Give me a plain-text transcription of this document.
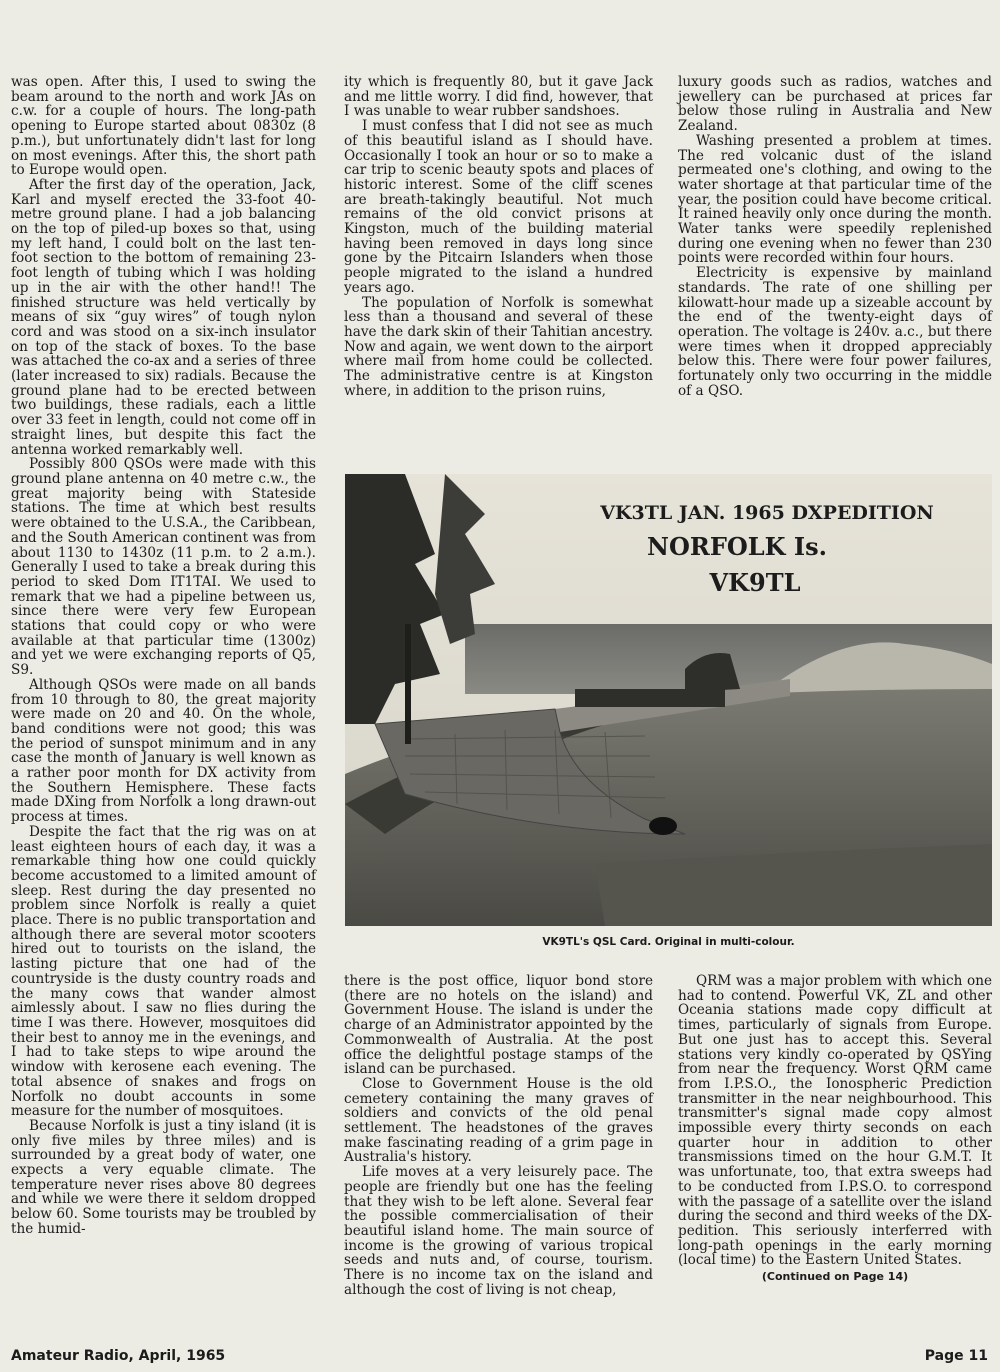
was open. After this, I used to swing the beam around to the north and work JAs on c.w. for a couple of hours. The long-path opening to Europe started about 0830z (8 p.m.), but unfortunately didn't last for long on most evenings. After this, the short path to Europe would open.

After the first day of the operation, Jack, Karl and myself erected the 33-foot 40-metre ground plane. I had a job balancing on the top of piled-up boxes so that, using my left hand, I could bolt on the last ten-foot section to the bottom of remaining 23-foot length of tubing which I was holding up in the air with the other hand!! The finished structure was held vertically by means of six “guy wires” of tough nylon cord and was stood on a six-inch insulator on top of the stack of boxes. To the base was attached the co-ax and a series of three (later increased to six) radials. Because the ground plane had to be erected between two buildings, these radials, each a little over 33 feet in length, could not come off in straight lines, but despite this fact the antenna worked remarkably well.

Possibly 800 QSOs were made with this ground plane antenna on 40 metre c.w., the great majority being with Stateside stations. The time at which best results were obtained to the U.S.A., the Caribbean, and the South American continent was from about 1130 to 1430z (11 p.m. to 2 a.m.). Generally I used to take a break during this period to sked Dom IT1TAI. We used to remark that we had a pipeline between us, since there were very few European stations that could copy or who were available at that particular time (1300z) and yet we were exchanging reports of Q5, S9.

Although QSOs were made on all bands from 10 through to 80, the great majority were made on 20 and 40. On the whole, band conditions were not good; this was the period of sunspot minimum and in any case the month of January is well known as a rather poor month for DX activity from the Southern Hemisphere. These facts made DXing from Norfolk a long drawn-out process at times.

Despite the fact that the rig was on at least eighteen hours of each day, it was a remarkable thing how one could quickly become accustomed to a limited amount of sleep. Rest during the day presented no problem since Norfolk is really a quiet place. There is no public transportation and although there are several motor scooters hired out to tourists on the island, the lasting picture that one had of the countryside is the dusty country roads and the many cows that wander almost aimlessly about. I saw no flies during the time I was there. However, mosquitoes did their best to annoy me in the evenings, and I had to take steps to wipe around the window with kerosene each evening. The total absence of snakes and frogs on Norfolk no doubt accounts in some measure for the number of mosquitoes.

Because Norfolk is just a tiny island (it is only five miles by three miles) and is surrounded by a great body of water, one expects a very equable climate. The temperature never rises above 80 degrees and while we were there it seldom dropped below 60. Some tourists may be troubled by the humid-

ity which is frequently 80, but it gave Jack and me little worry. I did find, however, that I was unable to wear rubber sandshoes.

I must confess that I did not see as much of this beautiful island as I should have. Occasionally I took an hour or so to make a car trip to scenic beauty spots and places of historic interest. Some of the cliff scenes are breath-takingly beautiful. Not much remains of the old convict prisons at Kingston, much of the building material having been removed in days long since gone by the Pitcairn Islanders when those people migrated to the island a hundred years ago.

The population of Norfolk is somewhat less than a thousand and several of these have the dark skin of their Tahitian ancestry. Now and again, we went down to the airport where mail from home could be collected. The administrative centre is at Kingston where, in addition to the prison ruins,

luxury goods such as radios, watches and jewellery can be purchased at prices far below those ruling in Australia and New Zealand.

Washing presented a problem at times. The red volcanic dust of the island permeated one's clothing, and owing to the water shortage at that particular time of the year, the position could have become critical. It rained heavily only once during the month. Water tanks were speedily replenished during one evening when no fewer than 230 points were recorded within four hours.

Electricity is expensive by mainland standards. The rate of one shilling per kilowatt-hour made up a sizeable account by the end of the twenty-eight days of operation. The voltage is 240v. a.c., but there were times when it dropped appreciably below this. There were four power failures, fortunately only two occurring in the middle of a QSO.

VK3TL JAN. 1965 DXPEDITION
NORFOLK Is.
VK9TL
VK9TL's QSL Card. Original in multi-colour.

there is the post office, liquor bond store (there are no hotels on the island) and Government House. The island is under the charge of an Administrator appointed by the Commonwealth of Australia. At the post office the delightful postage stamps of the island can be purchased.

Close to Government House is the old cemetery containing the many graves of soldiers and convicts of the old penal settlement. The headstones of the graves make fascinating reading of a grim page in Australia's history.

Life moves at a very leisurely pace. The people are friendly but one has the feeling that they wish to be left alone. Several fear the possible commercialisation of their beautiful island home. The main source of income is the growing of various tropical seeds and nuts and, of course, tourism. There is no income tax on the island and although the cost of living is not cheap,

QRM was a major problem with which one had to contend. Powerful VK, ZL and other Oceania stations made copy difficult at times, particularly of signals from Europe. But one just has to accept this. Several stations very kindly co-operated by QSYing from near the frequency. Worst QRM came from I.P.S.O., the Ionospheric Prediction transmitter in the near neighbourhood. This transmitter's signal made copy almost impossible every thirty seconds on each quarter hour in addition to other transmissions timed on the hour G.M.T. It was unfortunate, too, that extra sweeps had to be conducted from I.P.S.O. to correspond with the passage of a satellite over the island during the second and third weeks of the DX-pedition. This seriously interferred with long-path openings in the early morning (local time) to the Eastern United States.

(Continued on Page 14)

Amateur Radio, April, 1965	Page 11
